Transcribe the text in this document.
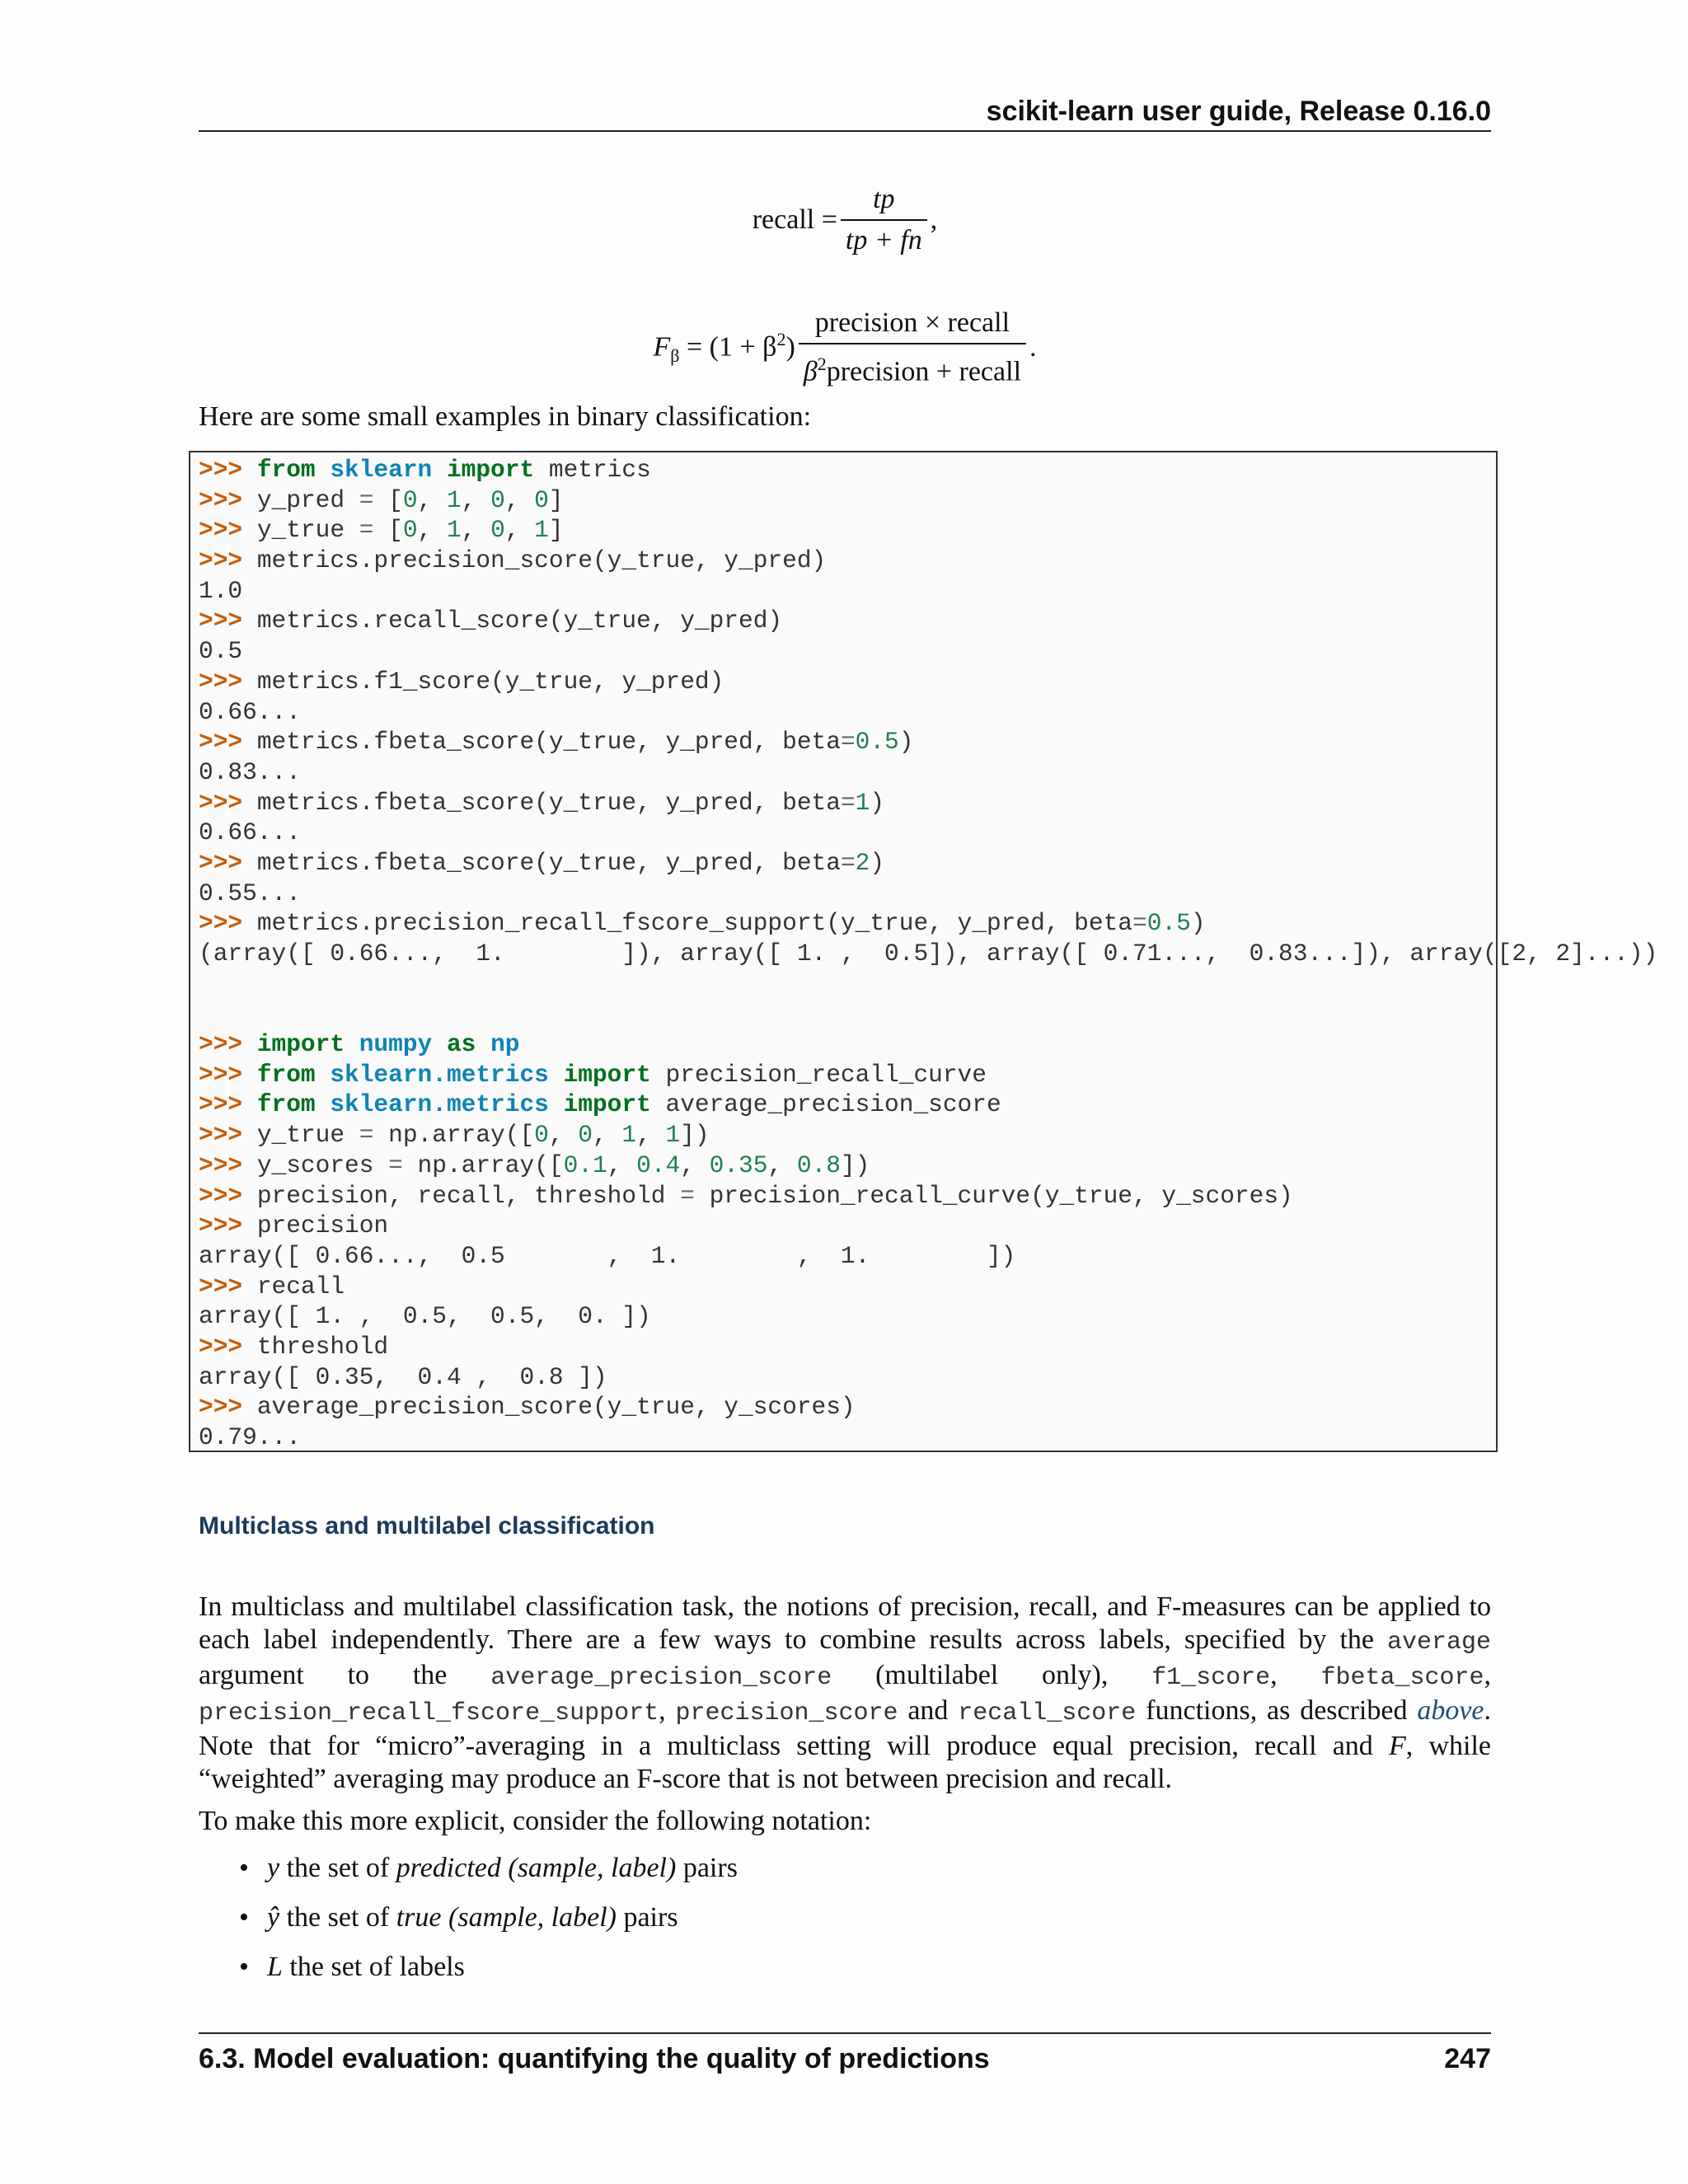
scikit-learn user guide, Release 0.16.0
recall = $\frac{tp}{tp + fn}$ ,
$F_\beta = (1 + \beta^2) \frac{\text{precision × recall}}{\beta^2precision + recall}$ .
Here are some small examples in binary classification:
>>> from sklearn import metrics
>>> y_pred = [0, 1, 0, 0]
>>> y_true = [0, 1, 0, 1]
>>> metrics.precision_score(y_true, y_pred)
1.0
>>> metrics.recall_score(y_true, y_pred)
0.5
>>> metrics.f1_score(y_true, y_pred)
0.66...
>>> metrics.fbeta_score(y_true, y_pred, beta=0.5)
0.83...
>>> metrics.fbeta_score(y_true, y_pred, beta=1)
0.66...
>>> metrics.fbeta_score(y_true, y_pred, beta=2)
0.55...
>>> metrics.precision_recall_fscore_support(y_true, y_pred, beta=0.5)
(array([ 0.66...,  1.        ]), array([ 1. ,  0.5]), array([ 0.71...,  0.83...]), array([2, 2]...))

>>> import numpy as np
>>> from sklearn.metrics import precision_recall_curve
>>> from sklearn.metrics import average_precision_score
>>> y_true = np.array([0, 0, 1, 1])
>>> y_scores = np.array([0.1, 0.4, 0.35, 0.8])
>>> precision, recall, threshold = precision_recall_curve(y_true, y_scores)
>>> precision
array([ 0.66...,  0.5       ,  1.        ,  1.        ])
>>> recall
array([ 1. ,  0.5,  0.5,  0. ])
>>> threshold
array([ 0.35,  0.4 ,  0.8 ])
>>> average_precision_score(y_true, y_scores)
0.79...
Multiclass and multilabel classification
In multiclass and multilabel classification task, the notions of precision, recall, and F-measures can be applied to each label independently. There are a few ways to combine results across labels, specified by the average argument to the average_precision_score (multilabel only), f1_score, fbeta_score, precision_recall_fscore_support, precision_score and recall_score functions, as described above. Note that for “micro”-averaging in a multiclass setting will produce equal precision, recall and F, while “weighted” averaging may produce an F-score that is not between precision and recall.
To make this more explicit, consider the following notation:
• y the set of predicted (sample, label) pairs
• ŷ the set of true (sample, label) pairs
• L the set of labels
6.3. Model evaluation: quantifying the quality of predictions	247
